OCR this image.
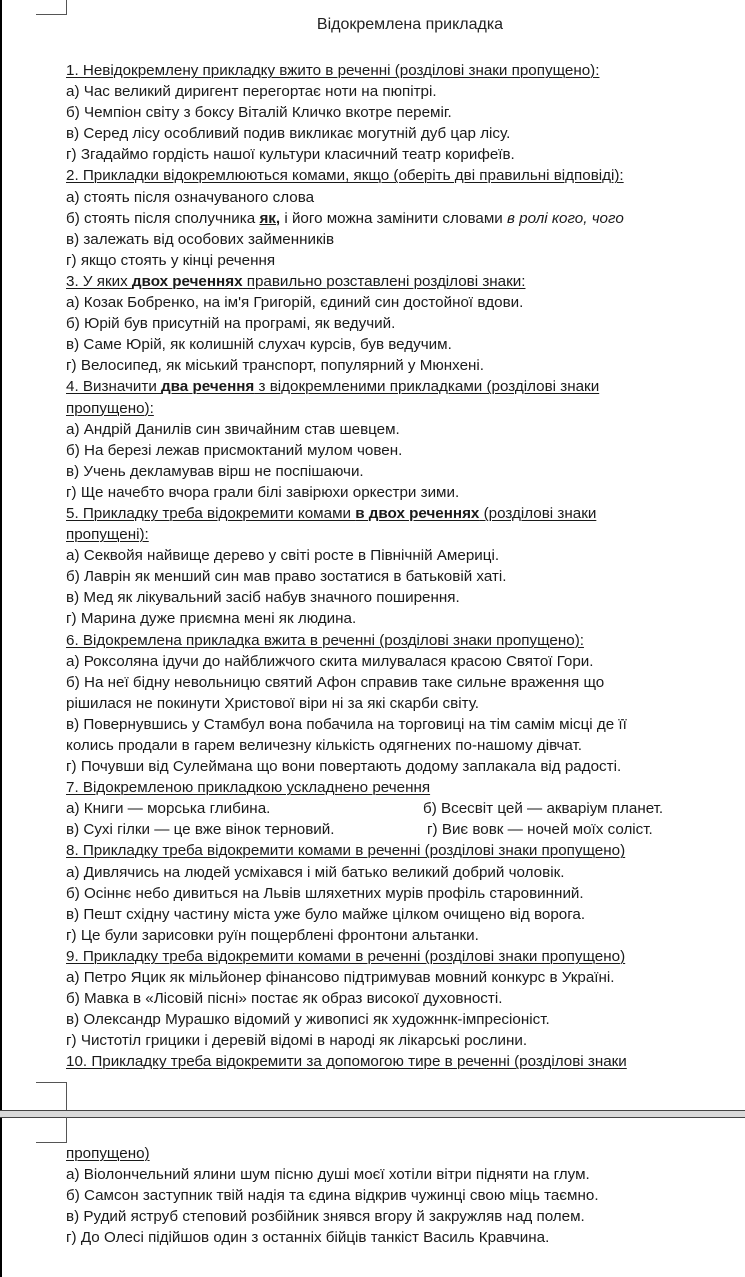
Відокремлена прикладка
1. Невідокремлену прикладку вжито в реченні (розділові знаки пропущено):
а) Час великий диригент перегортає ноти на пюпітрі.
б) Чемпіон світу з боксу Віталій Кличко вкотре переміг.
в) Серед лісу особливий подив викликає могутній дуб цар лісу.
г) Згадаймо гордість нашої культури класичний театр корифеїв.
2. Прикладки відокремлюються комами, якщо (оберіть дві правильні відповіді):
а) стоять після означуваного слова
б) стоять після сполучника як, і його можна замінити словами в ролі кого, чого
в) залежать від особових займенників
г) якщо стоять у кінці речення
3. У яких двох реченнях правильно розставлені розділові знаки:
а) Козак Бобренко, на ім'я Григорій, єдиний син достойної вдови.
б) Юрій був присутній на програмі, як ведучий.
в) Саме Юрій, як колишній слухач курсів, був ведучим.
г) Велосипед, як міський транспорт, популярний у Мюнхені.
4. Визначити два речення з відокремленими прикладками (розділові знаки
пропущено):
а) Андрій Данилів син звичайним став шевцем.
б) На березі лежав присмоктаний мулом човен.
в) Учень декламував вірш не поспішаючи.
г) Ще начебто вчора грали білі завірюхи оркестри зими.
5. Прикладку треба відокремити комами в двох реченнях (розділові знаки
пропущені):
а) Секвойя найвище дерево у світі росте в Північній Америці.
б) Лаврін як менший син мав право зостатися в батьковій хаті.
в) Мед як лікувальний засіб набув значного поширення.
г) Марина дуже приємна мені як людина.
6. Відокремлена прикладка вжита в реченні (розділові знаки пропущено):
а) Роксоляна ідучи до найближчого скита милувалася красою Святої Гори.
б) На неї бідну невольницю святий Афон справив таке сильне враження що
рішилася не покинути Христової віри ні за які скарби світу.
в) Повернувшись у Стамбул вона побачила на торговиці на тім самім місці де її
колись продали в гарем величезну кількість одягнених по-нашому дівчат.
г) Почувши від Сулеймана що вони повертають додому заплакала від радості.
7. Відокремленою прикладкою ускладнено речення
а) Книги — морська глибина.	б) Всесвіт цей — акваріум планет.
в) Сухі гілки — це вже вінок терновий.	г) Виє вовк — ночей моїх соліст.
8. Прикладку треба відокремити комами в реченні (розділові знаки пропущено)
а) Дивлячись на людей усміхався і мій батько великий добрий чоловік.
б) Осіннє небо дивиться на Львів шляхетних мурів профіль старовинний.
в) Пешт східну частину міста уже було майже цілком очищено від ворога.
г) Це були зарисовки руїн пощерблені фронтони альтанки.
9. Прикладку треба відокремити комами в реченні (розділові знаки пропущено)
а) Петро Яцик як мільйонер фінансово підтримував мовний конкурс в Україні.
б) Мавка в «Лісовій пісні» постає як образ високої духовності.
в) Олександр Мурашко відомий у живописі як художннк-імпресіоніст.
г) Чистотіл грицики і деревій відомі в народі як лікарські рослини.
10. Прикладку треба відокремити за допомогою тире в реченні (розділові знаки
пропущено)
а) Віолончельний ялини шум пісню душі моєї хотіли вітри підняти на глум.
б) Самсон заступник твій надія та єдина відкрив чужинці свою міць таємно.
в) Рудий яструб степовий розбійник знявся вгору й закружляв над полем.
г) До Олесі підійшов один з останніх бійців танкіст Василь Кравчина.
